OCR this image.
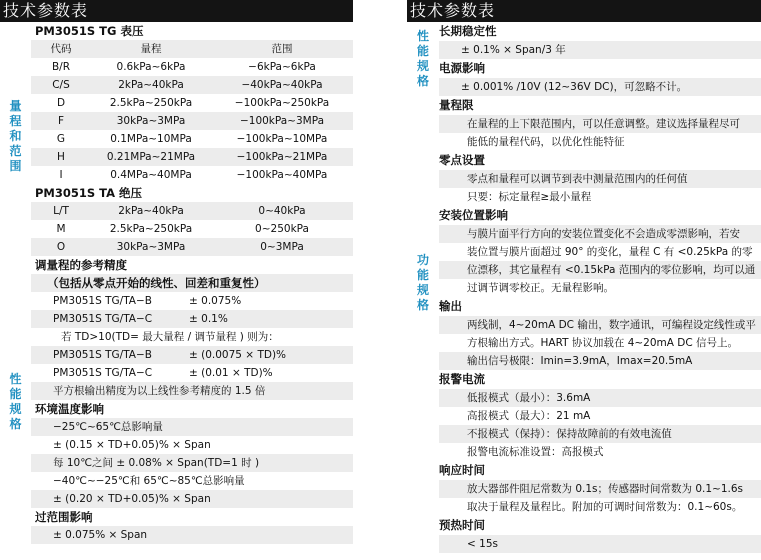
技术参数表
量
程
和
范
围
PM3051S TG 表压
代码	量程	范围
B/R	0.6kPa~6kPa	−6kPa~6kPa
C/S	2kPa~40kPa	−40kPa~40kPa
D	2.5kPa~250kPa	−100kPa~250kPa
F	30kPa~3MPa	−100kPa~3MPa
G	0.1MPa~10MPa	−100kPa~10MPa
H	0.21MPa~21MPa	−100kPa~21MPa
I	0.4MPa~40MPa	−100kPa~40MPa
PM3051S TA 绝压
L/T	2kPa~40kPa	0~40kPa
M	2.5kPa~250kPa	0~250kPa
O	30kPa~3MPa	0~3MPa
性
能
规
格
调量程的参考精度
（包括从零点开始的线性、回差和重复性）
PM3051S TG/TA−B	± 0.075%
PM3051S TG/TA−C	± 0.1%
若 TD>10(TD= 最大量程 / 调节量程 ) 则为：
PM3051S TG/TA−B	± (0.0075 × TD)%
PM3051S TG/TA−C	± (0.01 × TD)%
平方根输出精度为以上线性参考精度的 1.5 倍
环境温度影响
−25℃~65℃总影响量
± (0.15 × TD+0.05)% × Span
每 10℃之间 ± 0.08% × Span(TD=1 时 )
−40℃~−25℃和 65℃~85℃总影响量
± (0.20 × TD+0.05)% × Span
过范围影响
± 0.075% × Span
技术参数表
性
能
规
格
长期稳定性
± 0.1% × Span/3 年
电源影响
± 0.001% /10V (12~36V DC)，可忽略不计。
功
能
规
格
量程限
在量程的上下限范围内，可以任意调整。建议选择量程尽可
能低的量程代码，以优化性能特征
零点设置
零点和量程可以调节到表中测量范围内的任何值
只要：标定量程≥最小量程
安装位置影响
与膜片面平行方向的安装位置变化不会造成零漂影响，若安
装位置与膜片面超过 90° 的变化，量程 C 有 <0.25kPa 的零
位漂移，其它量程有 <0.15kPa 范围内的零位影响，均可以通
过调节调零校正。无量程影响。
输出
两线制，4~20mA DC 输出，数字通讯，可编程设定线性或平
方根输出方式。HART 协议加载在 4~20mA DC 信号上。
输出信号极限：Imin=3.9mA，Imax=20.5mA
报警电流
低报模式（最小）：3.6mA
高报模式（最大）：21 mA
不报模式（保持）：保持故障前的有效电流值
报警电流标准设置：高报模式
响应时间
放大器部件阻尼常数为 0.1s；传感器时间常数为 0.1~1.6s
取决于量程及量程比。附加的可调时间常数为：0.1~60s。
预热时间
< 15s
